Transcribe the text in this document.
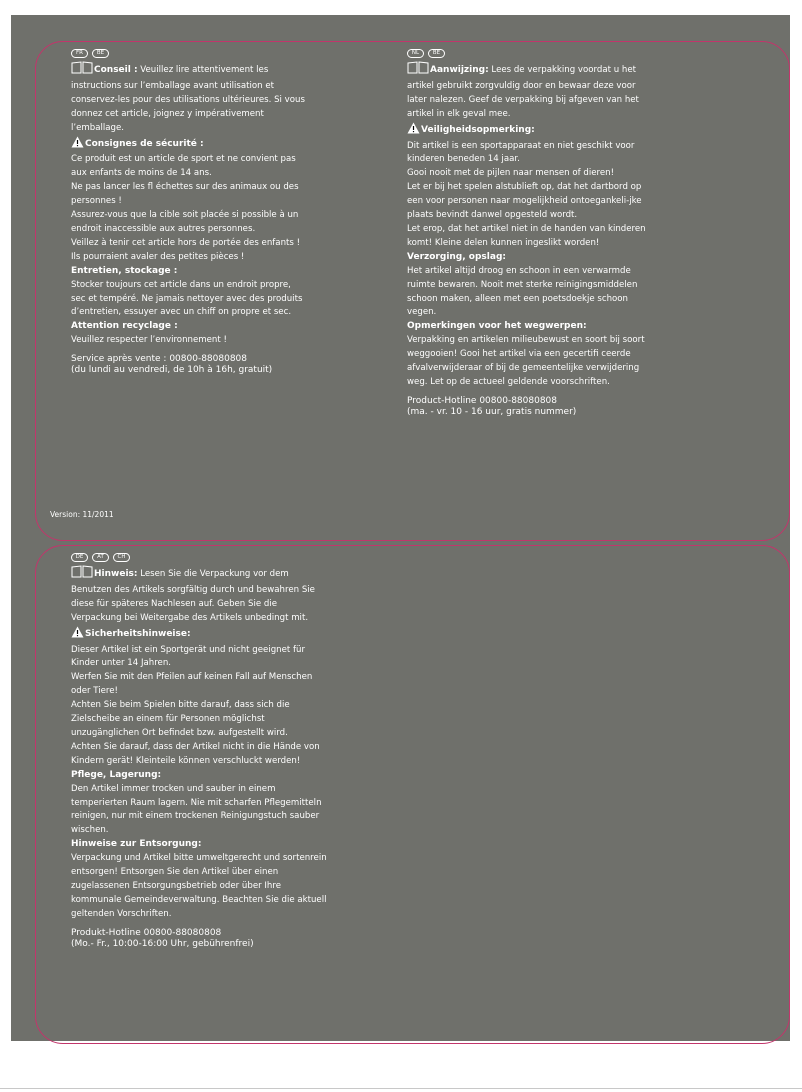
FR	BE

Conseil : Veuillez lire attentivement les instructions sur l’emballage avant utilisation et conservez-les pour des utilisations ultérieures. Si vous donnez cet article, joignez y impérativement l’emballage.

Consignes de sécurité :

Ce produit est un article de sport et ne convient pas aux enfants de moins de 14 ans.

Ne pas lancer les fl échettes sur des animaux ou des personnes !

Assurez-vous que la cible soit placée si possible à un endroit inaccessible aux autres personnes.

Veillez à tenir cet article hors de portée des enfants ! Ils pourraient avaler des petites pièces !

Entretien, stockage :

Stocker toujours cet article dans un endroit propre, sec et tempéré. Ne jamais nettoyer avec des produits d’entretien, essuyer avec un chiff on propre et sec.

Attention recyclage :

Veuillez respecter l’environnement !

Service après vente : 00800-88080808
(du lundi au vendredi, de 10h à 16h, gratuit)
NL	BE

Aanwijzing: Lees de verpakking voordat u het artikel gebruikt zorgvuldig door en bewaar deze voor later nalezen. Geef de verpakking bij afgeven van het artikel in elk geval mee.

Veiligheidsopmerking:

Dit artikel is een sportapparaat en niet geschikt voor kinderen beneden 14 jaar.

Gooi nooit met de pijlen naar mensen of dieren!

Let er bij het spelen alstublieft op, dat het dartbord op een voor personen naar mogelijkheid ontoegankeli-jke plaats bevindt danwel opgesteld wordt.

Let erop, dat het artikel niet in de handen van kinderen komt! Kleine delen kunnen ingeslikt worden!

Verzorging, opslag:

Het artikel altijd droog en schoon in een verwarmde ruimte bewaren. Nooit met sterke reinigingsmiddelen schoon maken, alleen met een poetsdoekje schoon vegen.

Opmerkingen voor het wegwerpen:

Verpakking en artikelen milieubewust en soort bij soort weggooien! Gooi het artikel via een gecertifi ceerde afvalverwijderaar of bij de gemeentelijke verwijdering weg. Let op de actueel geldende voorschriften.

Product-Hotline 00800-88080808
(ma. - vr. 10 - 16 uur, gratis nummer)
Version: 11/2011
DE	AT	CH

Hinweis: Lesen Sie die Verpackung vor dem Benutzen des Artikels sorgfältig durch und bewahren Sie diese für späteres Nachlesen auf. Geben Sie die Verpackung bei Weitergabe des Artikels unbedingt mit.

Sicherheitshinweise:

Dieser Artikel ist ein Sportgerät und nicht geeignet für Kinder unter 14 Jahren.

Werfen Sie mit den Pfeilen auf keinen Fall auf Menschen oder Tiere!

Achten Sie beim Spielen bitte darauf, dass sich die Zielscheibe an einem für Personen möglichst unzugänglichen Ort befindet bzw. aufgestellt wird.

Achten Sie darauf, dass der Artikel nicht in die Hände von Kindern gerät! Kleinteile können verschluckt werden!

Pflege, Lagerung:

Den Artikel immer trocken und sauber in einem temperierten Raum lagern. Nie mit scharfen Pflegemitteln reinigen, nur mit einem trockenen Reinigungstuch sauber wischen.

Hinweise zur Entsorgung:

Verpackung und Artikel bitte umweltgerecht und sortenrein entsorgen! Entsorgen Sie den Artikel über einen zugelassenen Entsorgungsbetrieb oder über Ihre kommunale Gemeindeverwaltung. Beachten Sie die aktuell geltenden Vorschriften.

Produkt-Hotline 00800-88080808
(Mo.- Fr., 10:00-16:00 Uhr, gebührenfrei)
